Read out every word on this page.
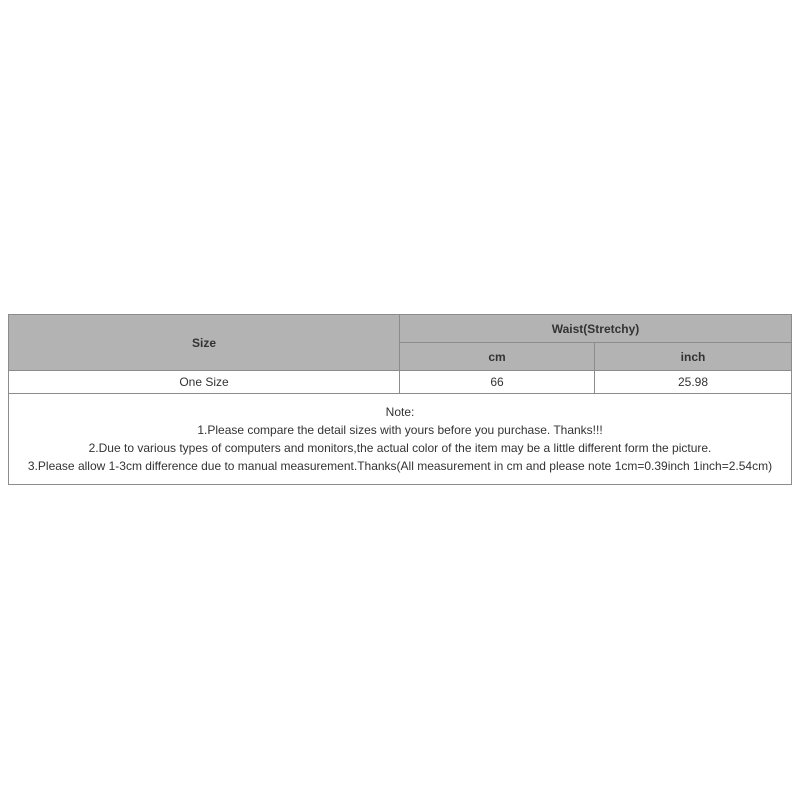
Size	Waist(Stretchy)	
	cm	inch
One Size	66	25.98

Note:
1.Please compare the detail sizes with yours before you purchase. Thanks!!!
2.Due to various types of computers and monitors,the actual color of the item may be a little different form the picture.
3.Please allow 1-3cm difference due to manual measurement.Thanks(All measurement in cm and please note 1cm=0.39inch 1inch=2.54cm)		
